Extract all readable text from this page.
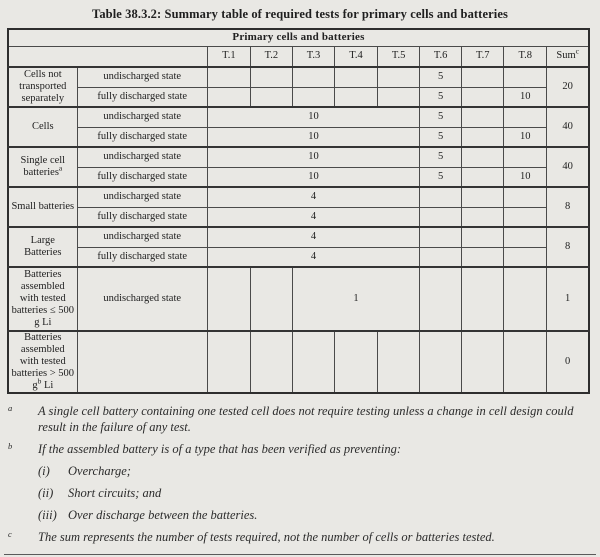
Table 38.3.2: Summary table of required tests for primary cells and batteries
Primary cells and batteries										
		T.1	T.2	T.3	T.4	T.5	T.6	T.7	T.8	Sum$^c$
Cells not transported separately	undischarged state						5			20
	fully discharged state						5		10	
Cells	undischarged state	10					5			40
	fully discharged state	10					5		10	
Single cell batteries$^a$	undischarged state	10					5			40
	fully discharged state	10					5		10	
Small batteries	undischarged state	4								8
	fully discharged state	4								
Large Batteries	undischarged state	4								8
	fully discharged state	4								
Batteries assembled with tested batteries ≤ 500 g Li	undischarged state			1						1
Batteries assembled with tested batteries > 500 $g^b$ Li										0
a A single cell battery containing one tested cell does not require testing unless a change in cell design could result in the failure of any test.
b If the assembled battery is of a type that has been verified as preventing:
(i)	Overcharge;
(ii)	Short circuits; and
(iii) Over discharge between the batteries.
c The sum represents the number of tests required, not the number of cells or batteries tested.
